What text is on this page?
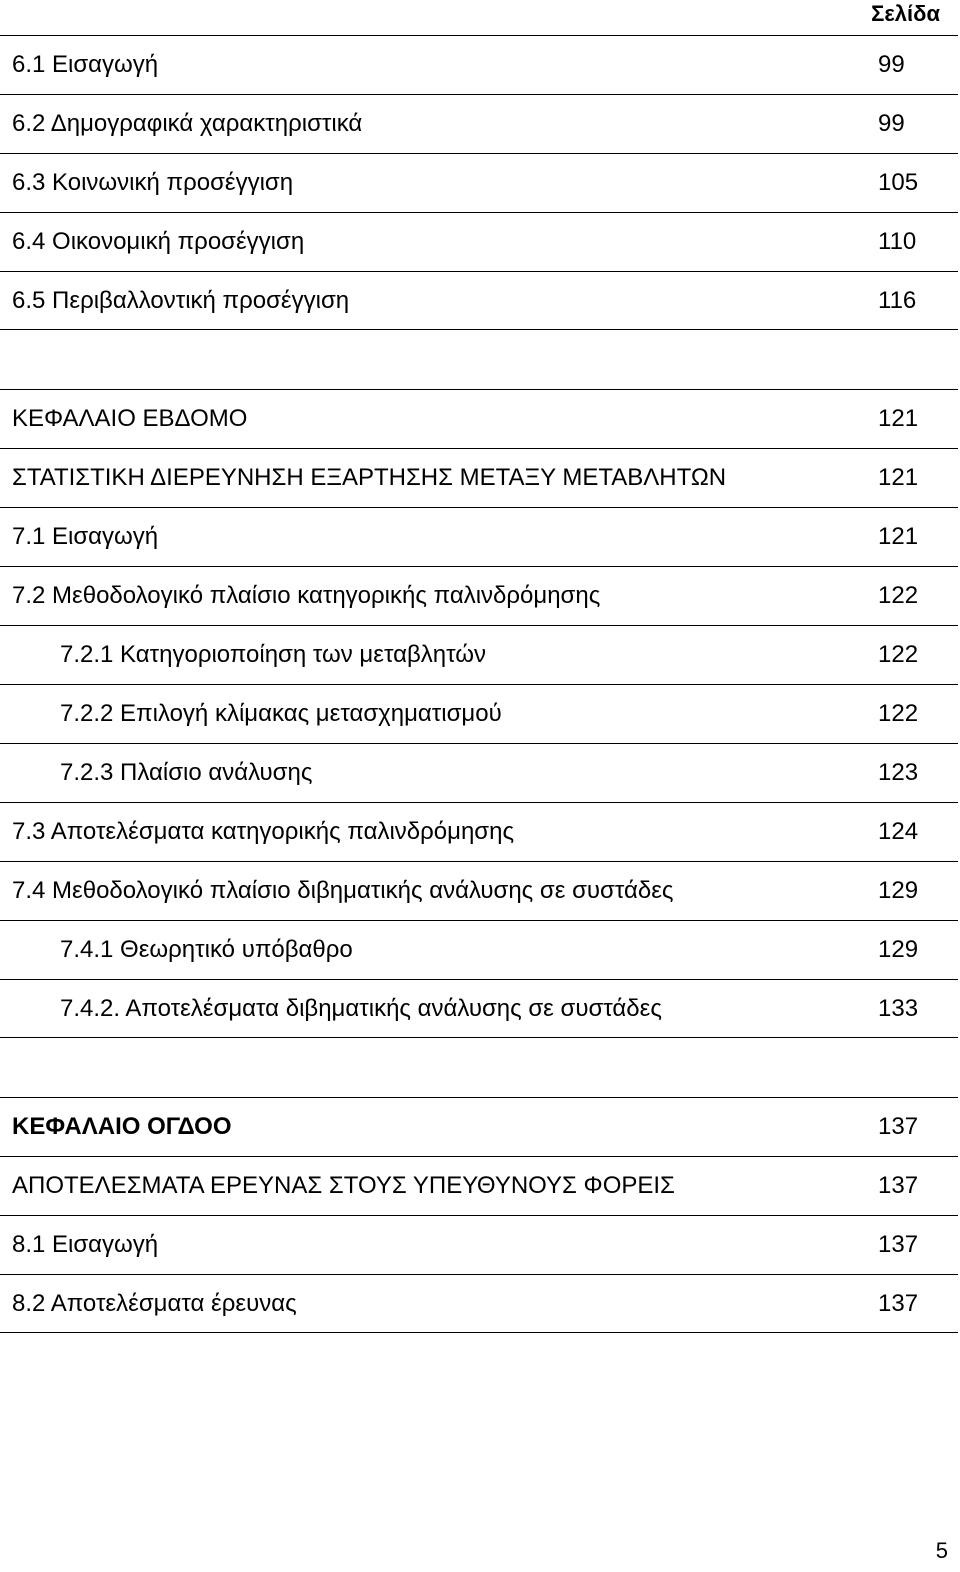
Σελίδα
6.1 Εισαγωγή	99
6.2 Δημογραφικά χαρακτηριστικά	99
6.3 Κοινωνική προσέγγιση	105
6.4 Οικονομική προσέγγιση	110
6.5 Περιβαλλοντική προσέγγιση	116
ΚΕΦΑΛΑΙΟ ΕΒΔΟΜΟ	121
ΣΤΑΤΙΣΤΙΚΗ ΔΙΕΡΕΥΝΗΣΗ ΕΞΑΡΤΗΣΗΣ ΜΕΤΑΞΥ ΜΕΤΑΒΛΗΤΩΝ	121
7.1 Εισαγωγή	121
7.2 Μεθοδολογικό πλαίσιο κατηγορικής παλινδρόμησης	122
7.2.1 Κατηγοριοποίηση των μεταβλητών	122
7.2.2 Επιλογή κλίμακας μετασχηματισμού	122
7.2.3 Πλαίσιο ανάλυσης	123
7.3 Αποτελέσματα κατηγορικής παλινδρόμησης	124
7.4 Μεθοδολογικό πλαίσιο διβηματικής ανάλυσης σε συστάδες	129
7.4.1 Θεωρητικό υπόβαθρο	129
7.4.2. Αποτελέσματα διβηματικής ανάλυσης σε συστάδες	133
ΚΕΦΑΛΑΙΟ ΟΓΔΟΟ	137
ΑΠΟΤΕΛΕΣΜΑΤΑ ΕΡΕΥΝΑΣ ΣΤΟΥΣ ΥΠΕΥΘΥΝΟΥΣ ΦΟΡΕΙΣ	137
8.1 Εισαγωγή	137
8.2 Αποτελέσματα έρευνας	137
5
